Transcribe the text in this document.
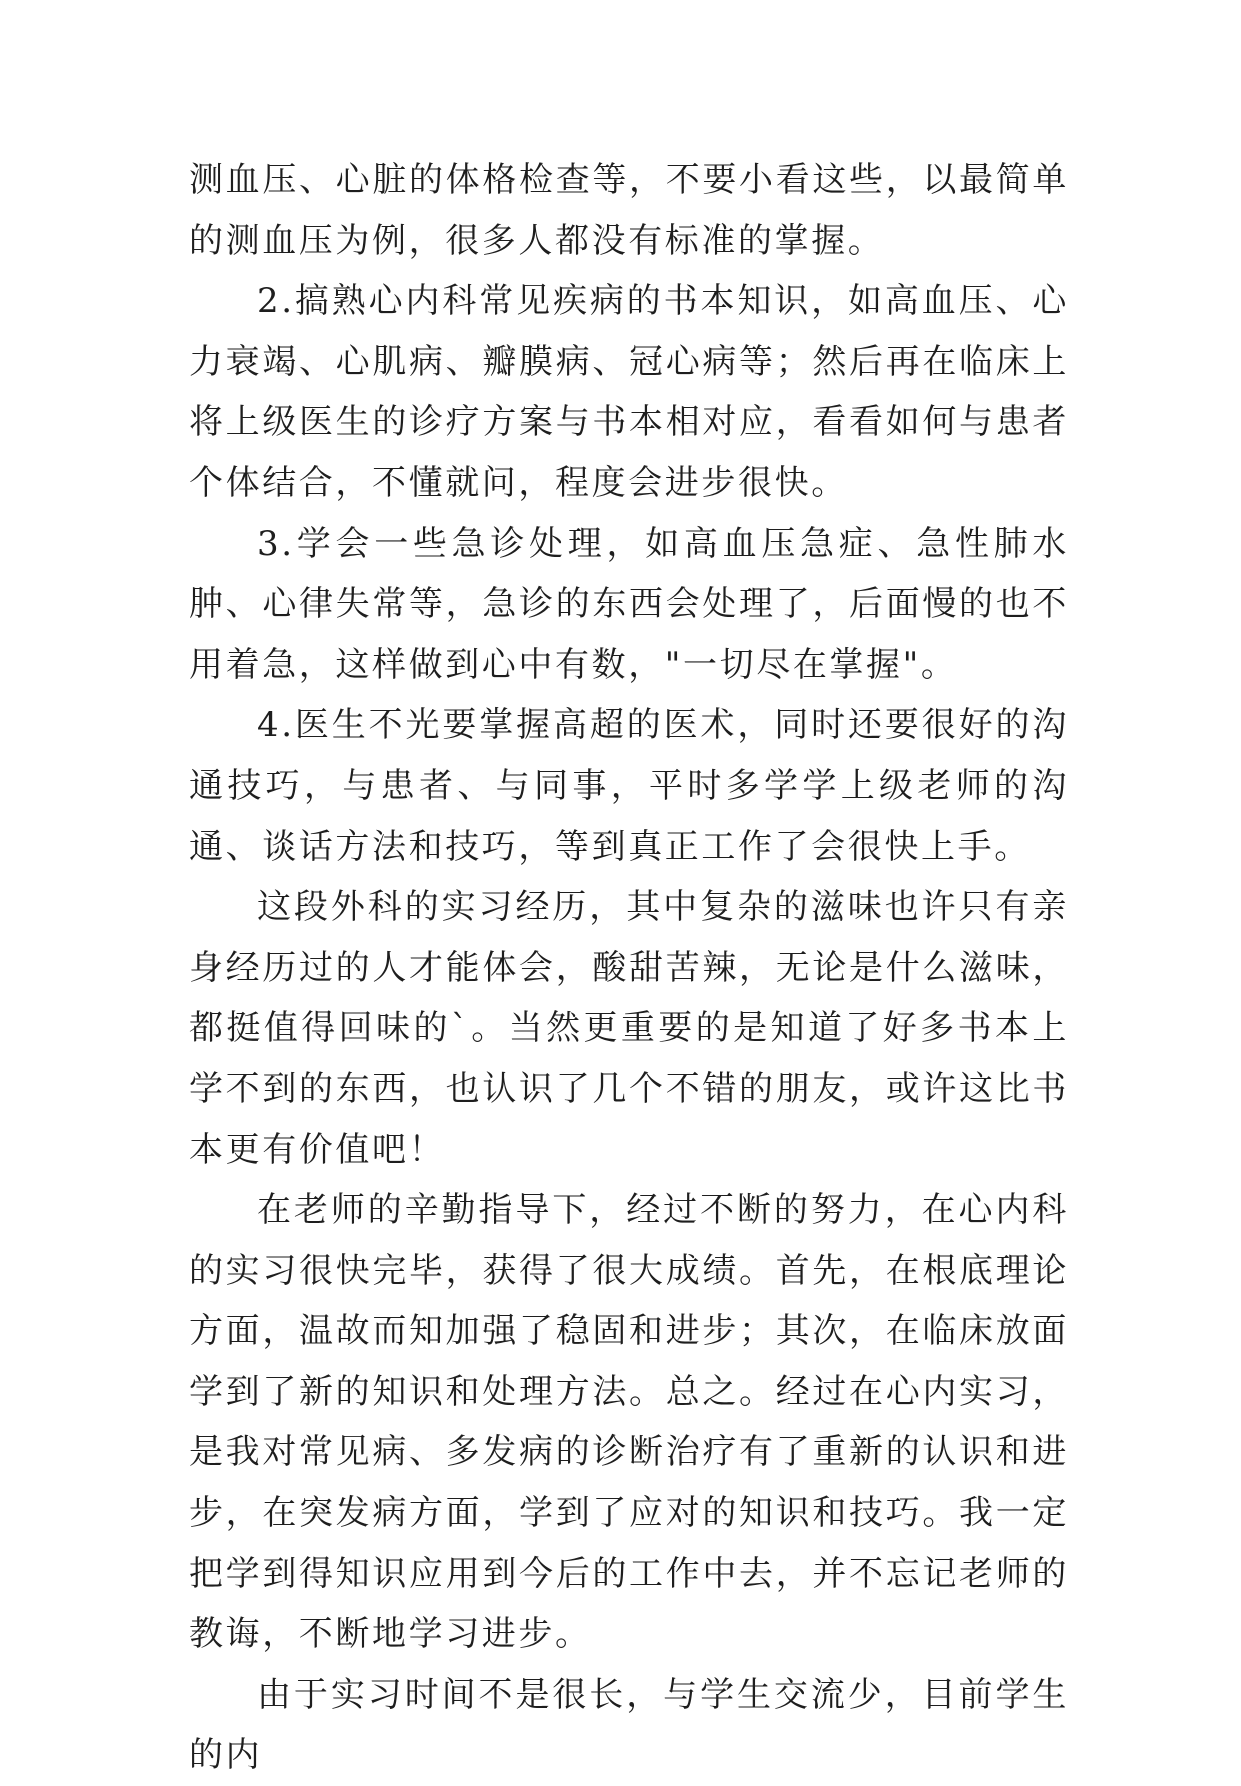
测血压、心脏的体格检查等，不要小看这些，以最简单的测血压为例，很多人都没有标准的掌握。

2.搞熟心内科常见疾病的书本知识，如高血压、心力衰竭、心肌病、瓣膜病、冠心病等；然后再在临床上将上级医生的诊疗方案与书本相对应，看看如何与患者个体结合，不懂就问，程度会进步很快。

3.学会一些急诊处理，如高血压急症、急性肺水肿、心律失常等，急诊的东西会处理了，后面慢的也不用着急，这样做到心中有数，"一切尽在掌握"。

4.医生不光要掌握高超的医术，同时还要很好的沟通技巧，与患者、与同事，平时多学学上级老师的沟通、谈话方法和技巧，等到真正工作了会很快上手。

这段外科的实习经历，其中复杂的滋味也许只有亲身经历过的人才能体会，酸甜苦辣，无论是什么滋味，都挺值得回味的`。当然更重要的是知道了好多书本上学不到的东西，也认识了几个不错的朋友，或许这比书本更有价值吧！

在老师的辛勤指导下，经过不断的努力，在心内科的实习很快完毕，获得了很大成绩。首先，在根底理论方面，温故而知加强了稳固和进步；其次，在临床放面学到了新的知识和处理方法。总之。经过在心内实习，是我对常见病、多发病的诊断治疗有了重新的认识和进步，在突发病方面，学到了应对的知识和技巧。我一定把学到得知识应用到今后的工作中去，并不忘记老师的教诲，不断地学习进步。

由于实习时间不是很长，与学生交流少，目前学生的内
